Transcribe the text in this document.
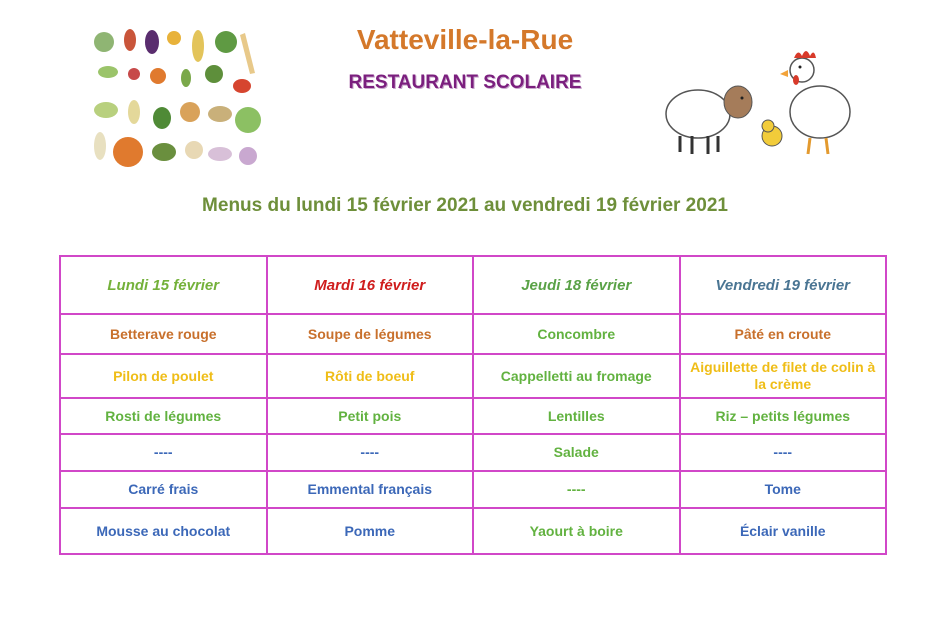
Vatteville-la-Rue
RESTAURANT SCOLAIRE
Menus du lundi 15 février 2021 au vendredi 19 février 2021
Lundi 15 février	Mardi 16 février	Jeudi 18 février	Vendredi 19 février
Betterave rouge	Soupe de légumes	Concombre	Pâté en croute
Pilon de poulet	Rôti de boeuf	Cappelletti au fromage	Aiguillette de filet de colin à la crème
Rosti de légumes	Petit pois	Lentilles	Riz – petits légumes
----	----	Salade	----
Carré frais	Emmental français	----	Tome
Mousse au chocolat	Pomme	Yaourt à boire	Éclair vanille
